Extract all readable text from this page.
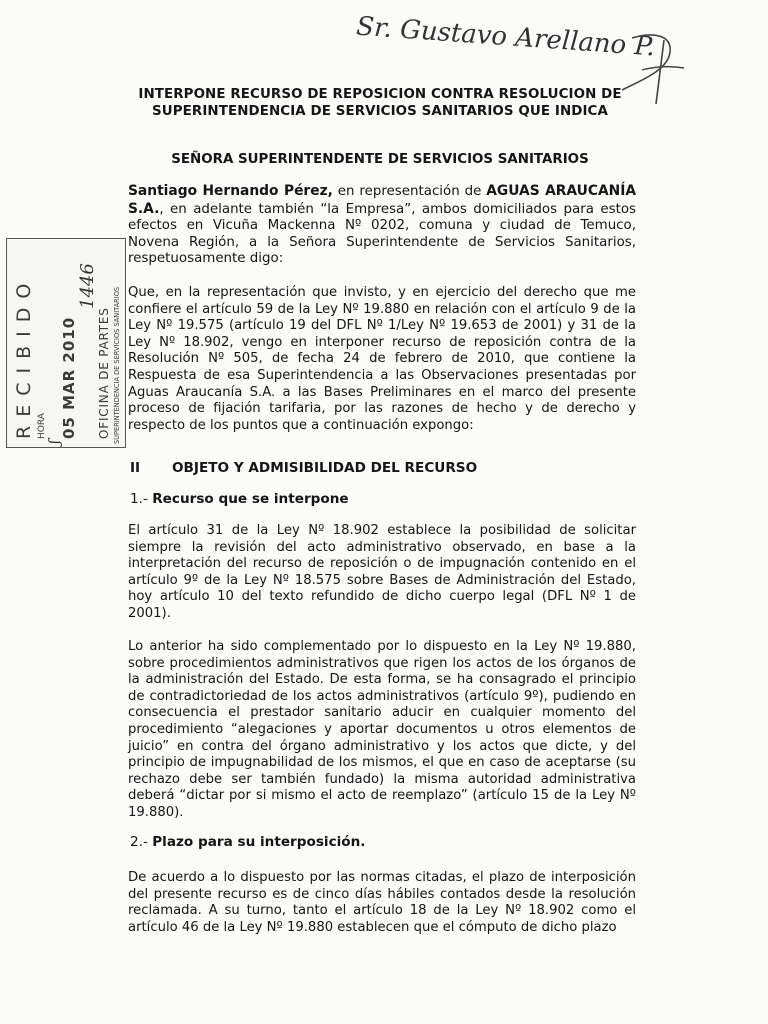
Sr. Gustavo Arellano P.
INTERPONE RECURSO DE REPOSICION CONTRA RESOLUCION DE
SUPERINTENDENCIA DE SERVICIOS SANITARIOS QUE INDICA
SEÑORA SUPERINTENDENTE DE SERVICIOS SANITARIOS

Santiago Hernando Pérez, en representación de AGUAS ARAUCANÍA S.A., en adelante también “la Empresa”, ambos domiciliados para estos efectos en Vicuña Mackenna Nº 0202, comuna y ciudad de Temuco, Novena Región, a la Señora Superintendente de Servicios Sanitarios, respetuosamente digo:

Que, en la representación que invisto, y en ejercicio del derecho que me confiere el artículo 59 de la Ley Nº 19.880 en relación con el artículo 9 de la Ley Nº 19.575 (artículo 19 del DFL Nº 1/Ley Nº 19.653 de 2001) y 31 de la Ley Nº 18.902, vengo en interponer recurso de reposición contra de la Resolución Nº 505, de fecha 24 de febrero de 2010, que contiene la Respuesta de esa Superintendencia a las Observaciones presentadas por Aguas Araucanía S.A. a las Bases Preliminares en el marco del presente proceso de fijación tarifaria, por las razones de hecho y de derecho y respecto de los puntos que a continuación expongo:

II OBJETO Y ADMISIBILIDAD DEL RECURSO
1.- Recurso que se interpone

El artículo 31 de la Ley Nº 18.902 establece la posibilidad de solicitar siempre la revisión del acto administrativo observado, en base a la interpretación del recurso de reposición o de impugnación contenido en el artículo 9º de la Ley Nº 18.575 sobre Bases de Administración del Estado, hoy artículo 10 del texto refundido de dicho cuerpo legal (DFL Nº 1 de 2001).

Lo anterior ha sido complementado por lo dispuesto en la Ley Nº 19.880, sobre procedimientos administrativos que rigen los actos de los órganos de la administración del Estado. De esta forma, se ha consagrado el principio de contradictoriedad de los actos administrativos (artículo 9º), pudiendo en consecuencia el prestador sanitario aducir en cualquier momento del procedimiento “alegaciones y aportar documentos u otros elementos de juicio” en contra del órgano administrativo y los actos que dicte, y del principio de impugnabilidad de los mismos, el que en caso de aceptarse (su rechazo debe ser también fundado) la misma autoridad administrativa deberá “dictar por si mismo el acto de reemplazo” (artículo 15 de la Ley Nº 19.880).

2.- Plazo para su interposición.

De acuerdo a lo dispuesto por las normas citadas, el plazo de interposición del presente recurso es de cinco días hábiles contados desde la resolución reclamada. A su turno, tanto el artículo 18 de la Ley Nº 18.902 como el artículo 46 de la Ley Nº 19.880 establecen que el cómputo de dicho plazo

RECIBIDO HORA
ʃ
05 MAR 2010
1446
OFICINA DE PARTES SUPERINTENDENCIA DE SERVICIOS SANITARIOS
